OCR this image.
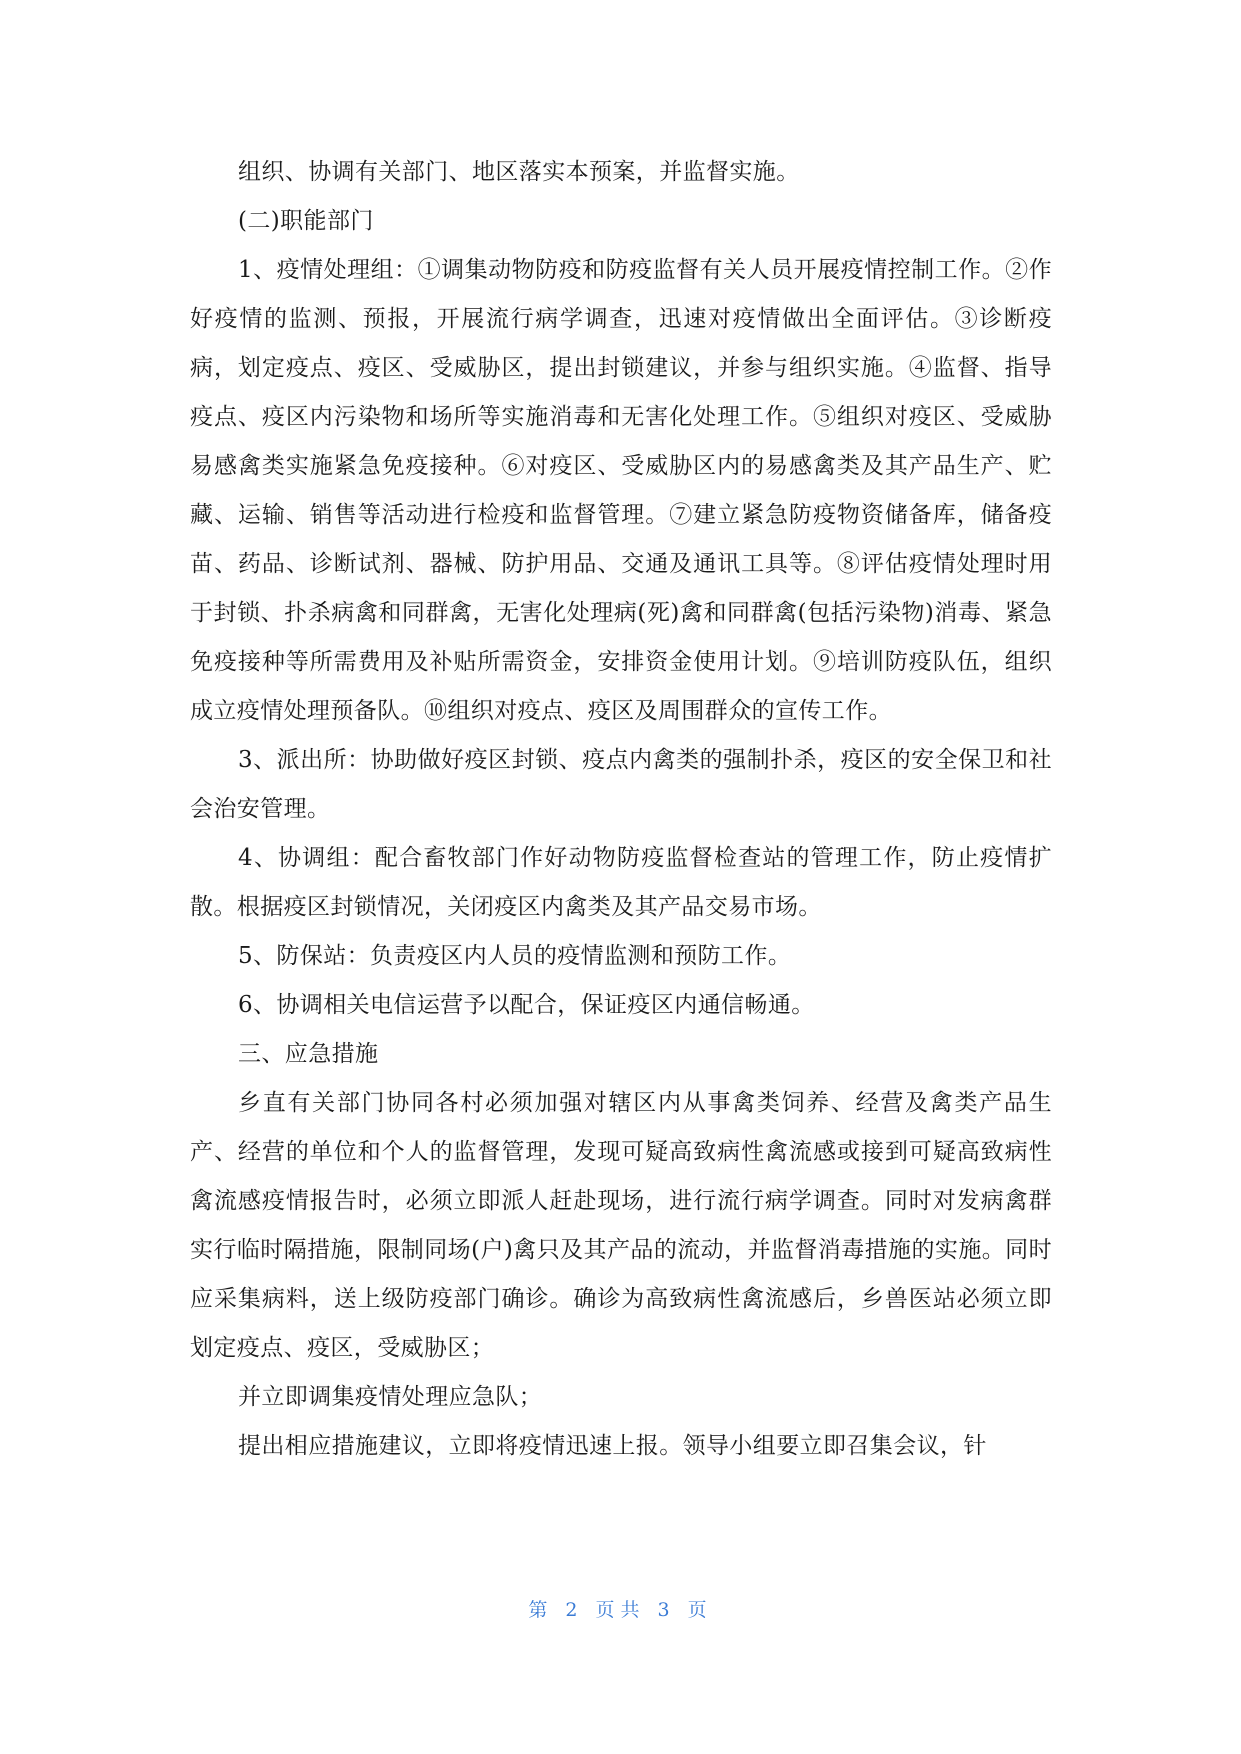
组织、协调有关部门、地区落实本预案，并监督实施。

(二)职能部门

1、疫情处理组：①调集动物防疫和防疫监督有关人员开展疫情控制工作。②作好疫情的监测、预报，开展流行病学调查，迅速对疫情做出全面评估。③诊断疫病，划定疫点、疫区、受威胁区，提出封锁建议，并参与组织实施。④监督、指导疫点、疫区内污染物和场所等实施消毒和无害化处理工作。⑤组织对疫区、受威胁易感禽类实施紧急免疫接种。⑥对疫区、受威胁区内的易感禽类及其产品生产、贮藏、运输、销售等活动进行检疫和监督管理。⑦建立紧急防疫物资储备库，储备疫苗、药品、诊断试剂、器械、防护用品、交通及通讯工具等。⑧评估疫情处理时用于封锁、扑杀病禽和同群禽，无害化处理病(死)禽和同群禽(包括污染物)消毒、紧急免疫接种等所需费用及补贴所需资金，安排资金使用计划。⑨培训防疫队伍，组织成立疫情处理预备队。⑩组织对疫点、疫区及周围群众的宣传工作。

3、派出所：协助做好疫区封锁、疫点内禽类的强制扑杀，疫区的安全保卫和社会治安管理。

4、协调组：配合畜牧部门作好动物防疫监督检查站的管理工作，防止疫情扩散。根据疫区封锁情况，关闭疫区内禽类及其产品交易市场。

5、防保站：负责疫区内人员的疫情监测和预防工作。

6、协调相关电信运营予以配合，保证疫区内通信畅通。

三、应急措施

乡直有关部门协同各村必须加强对辖区内从事禽类饲养、经营及禽类产品生产、经营的单位和个人的监督管理，发现可疑高致病性禽流感或接到可疑高致病性禽流感疫情报告时，必须立即派人赶赴现场，进行流行病学调查。同时对发病禽群实行临时隔措施，限制同场(户)禽只及其产品的流动，并监督消毒措施的实施。同时应采集病料，送上级防疫部门确诊。确诊为高致病性禽流感后，乡兽医站必须立即划定疫点、疫区，受威胁区；

并立即调集疫情处理应急队；

提出相应措施建议，立即将疫情迅速上报。领导小组要立即召集会议，针

第 2 页共 3 页
